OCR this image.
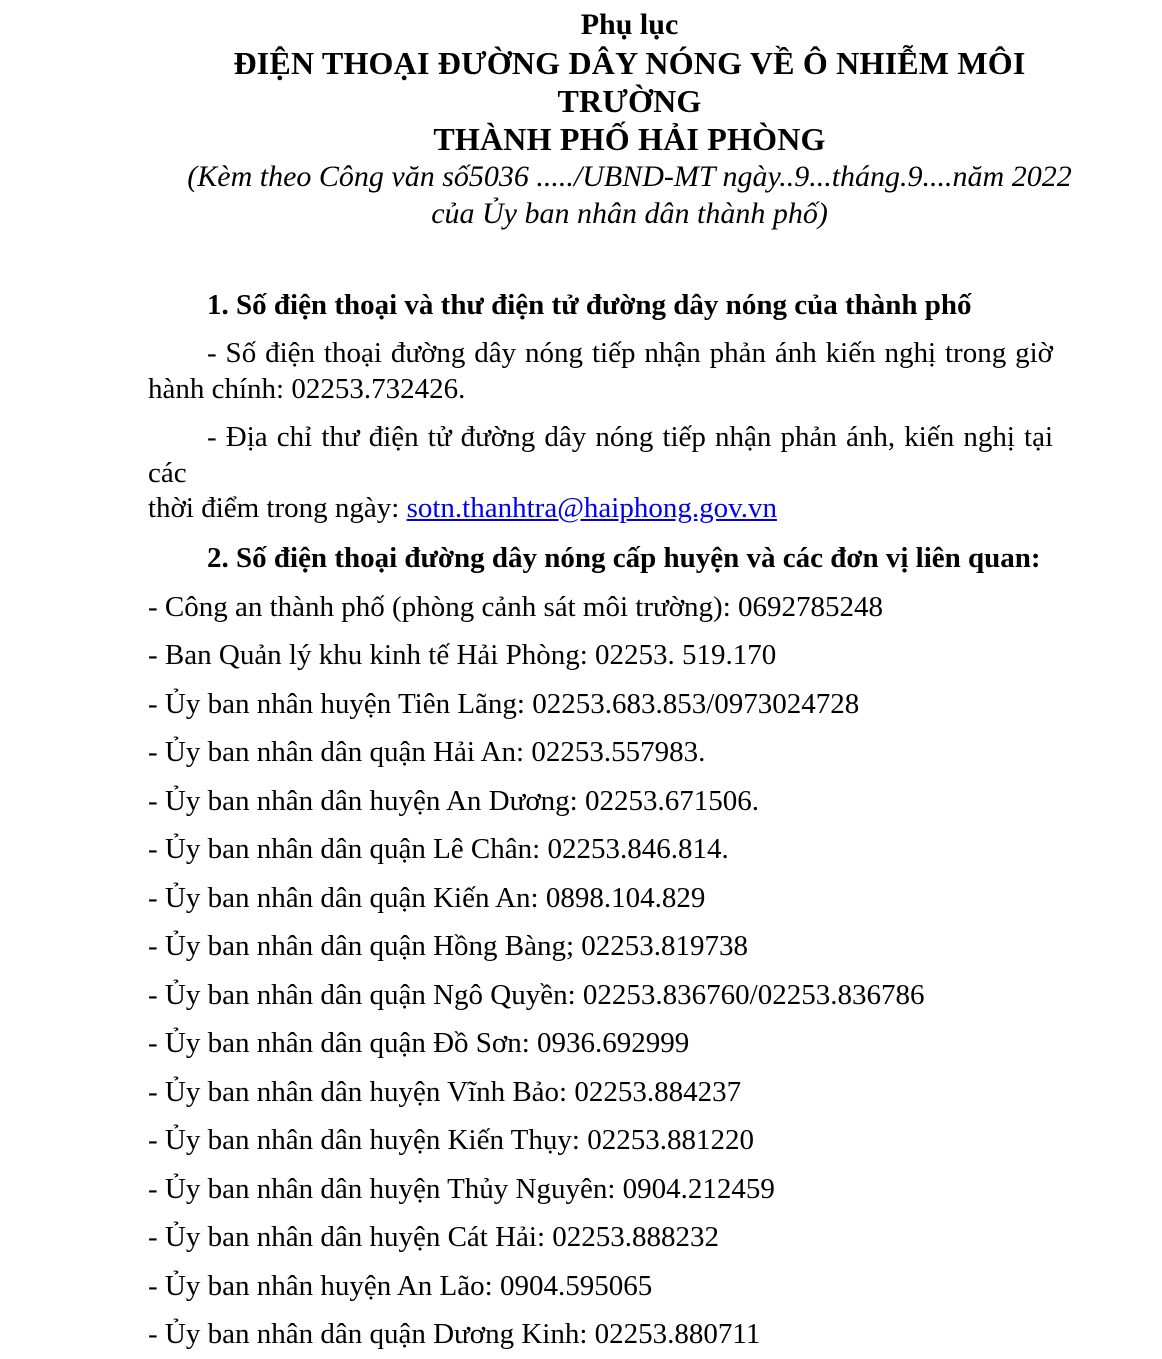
Phụ lục
ĐIỆN THOẠI ĐƯỜNG DÂY NÓNG VỀ Ô NHIỄM MÔI TRƯỜNG
THÀNH PHỐ HẢI PHÒNG
(Kèm theo Công văn số5036 ...../UBND-MT ngày..9...tháng.9....năm 2022
của Ủy ban nhân dân thành phố)
1. Số điện thoại và thư điện tử đường dây nóng của thành phố
- Số điện thoại đường dây nóng tiếp nhận phản ánh kiến nghị trong giờ
hành chính: 02253.732426.
- Địa chỉ thư điện tử đường dây nóng tiếp nhận phản ánh, kiến nghị tại các
thời điểm trong ngày: sotn.thanhtra@haiphong.gov.vn
2. Số điện thoại đường dây nóng cấp huyện và các đơn vị liên quan:
- Công an thành phố (phòng cảnh sát môi trường): 0692785248
- Ban Quản lý khu kinh tế Hải Phòng: 02253. 519.170
- Ủy ban nhân huyện Tiên Lãng: 02253.683.853/0973024728
- Ủy ban nhân dân quận Hải An: 02253.557983.
- Ủy ban nhân dân huyện An Dương: 02253.671506.
- Ủy ban nhân dân quận Lê Chân: 02253.846.814.
- Ủy ban nhân dân quận Kiến An: 0898.104.829
- Ủy ban nhân dân quận Hồng Bàng; 02253.819738
- Ủy ban nhân dân quận Ngô Quyền: 02253.836760/02253.836786
- Ủy ban nhân dân quận Đồ Sơn: 0936.692999
- Ủy ban nhân dân huyện Vĩnh Bảo: 02253.884237
- Ủy ban nhân dân huyện Kiến Thụy: 02253.881220
- Ủy ban nhân dân huyện Thủy Nguyên: 0904.212459
- Ủy ban nhân dân huyện Cát Hải: 02253.888232
- Ủy ban nhân huyện An Lão: 0904.595065
- Ủy ban nhân dân quận Dương Kinh: 02253.880711
